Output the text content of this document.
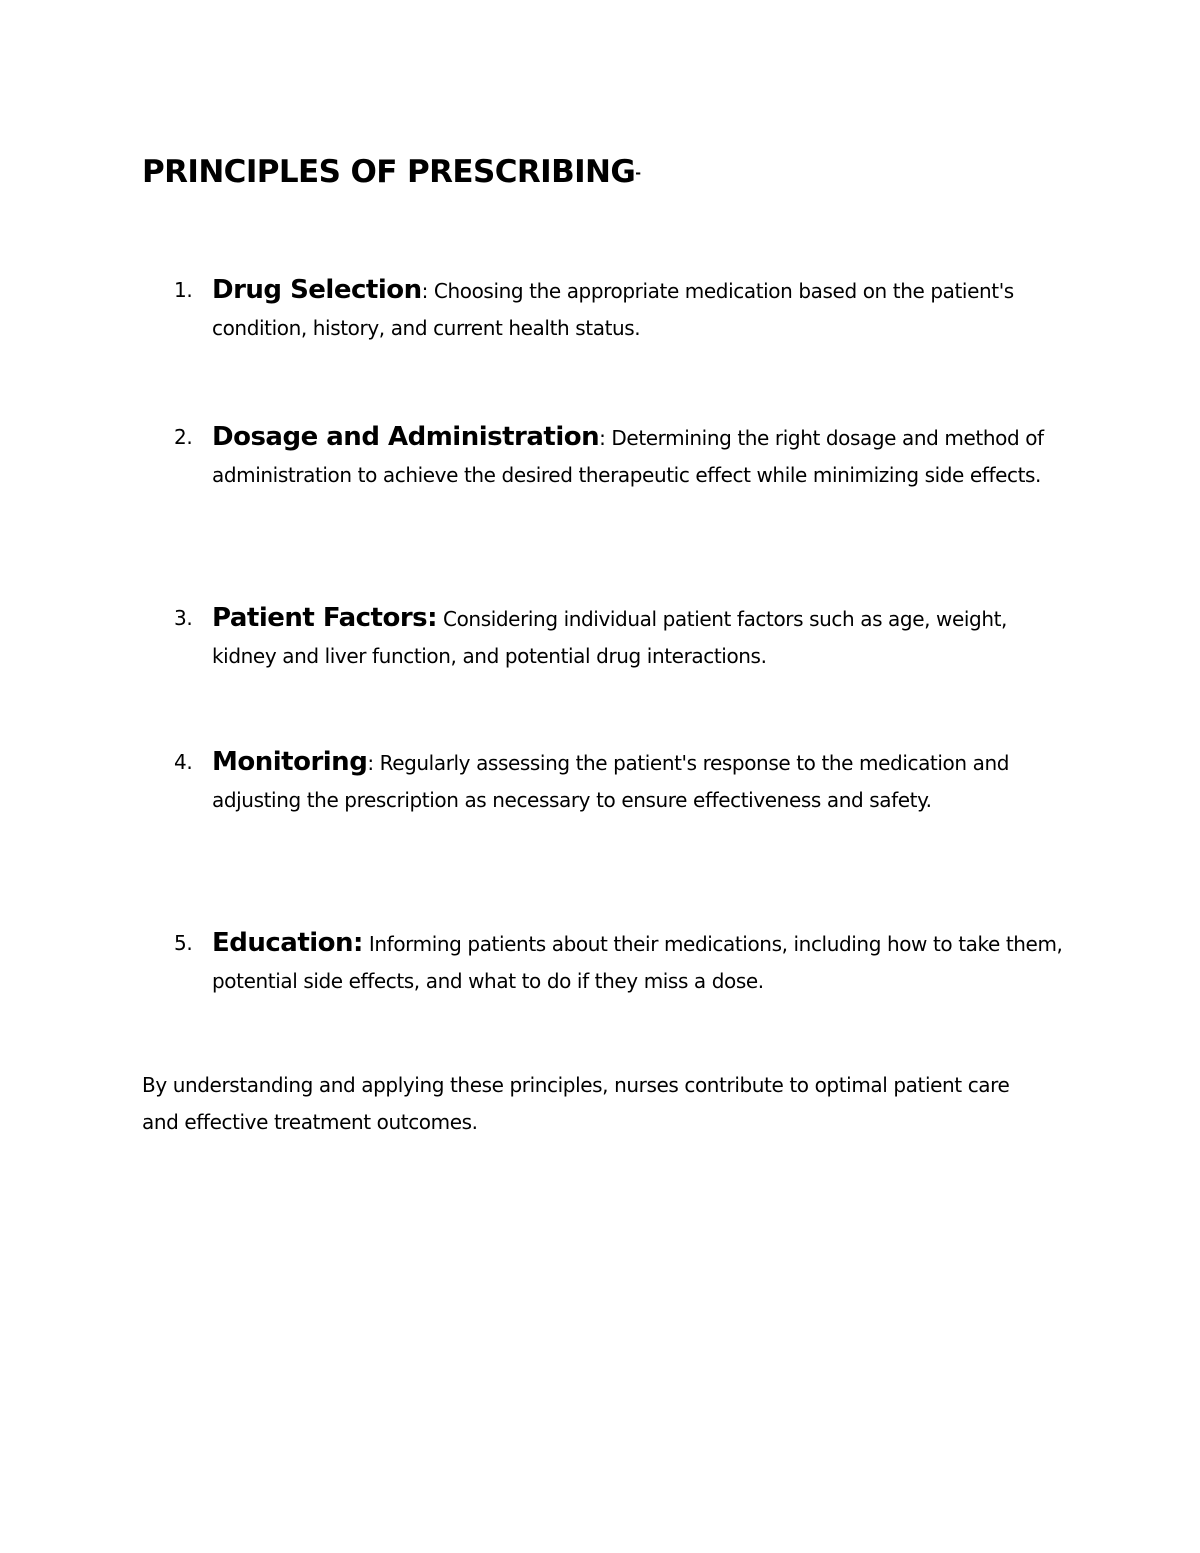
PRINCIPLES OF PRESCRIBING-
1. Drug Selection: Choosing the appropriate medication based on the patient's condition, history, and current health status.
2. Dosage and Administration: Determining the right dosage and method of administration to achieve the desired therapeutic effect while minimizing side effects.
3. Patient Factors: Considering individual patient factors such as age, weight, kidney and liver function, and potential drug interactions.
4. Monitoring: Regularly assessing the patient's response to the medication and adjusting the prescription as necessary to ensure effectiveness and safety.
5. Education: Informing patients about their medications, including how to take them, potential side effects, and what to do if they miss a dose.

By understanding and applying these principles, nurses contribute to optimal patient care and effective treatment outcomes.
